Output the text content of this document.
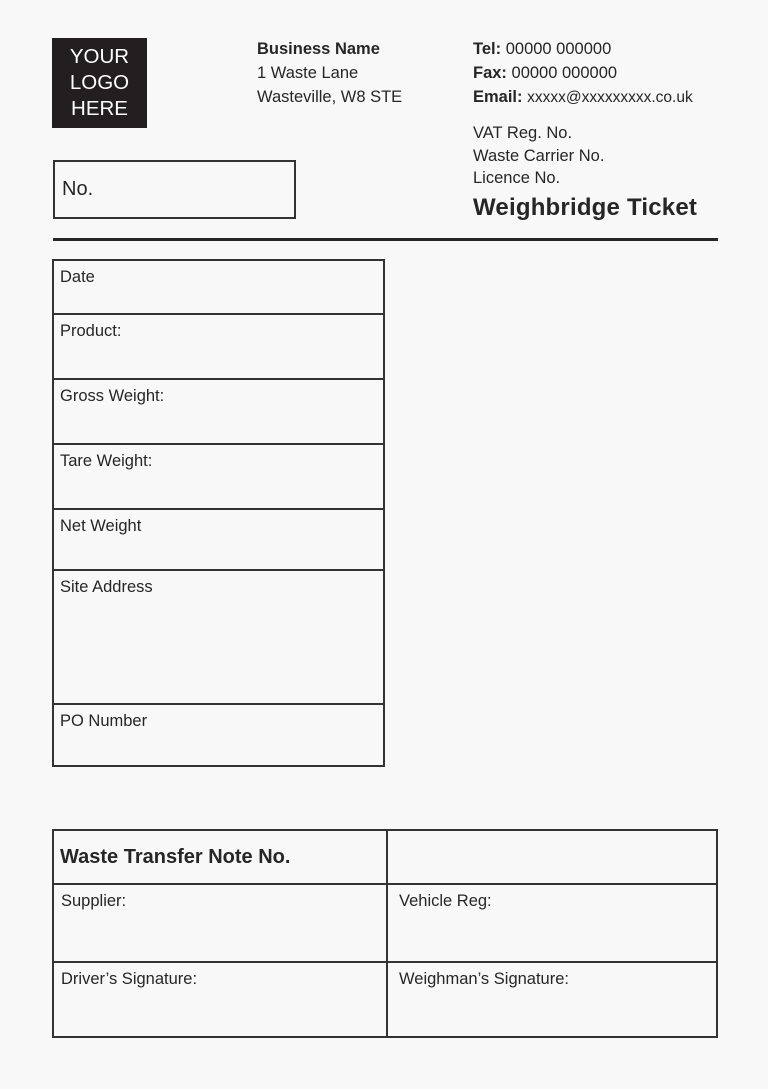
YOUR
LOGO
HERE
Business Name
1 Waste Lane
Wasteville, W8 STE
Tel: 00000 000000
Fax: 00000 000000
Email: xxxxx@xxxxxxxxx.co.uk
VAT Reg. No.
Waste Carrier No.
Licence No.
Weighbridge Ticket
No.
Date
Product:
Gross Weight:
Tare Weight:
Net Weight
Site Address
PO Number
Waste Transfer Note No.
Supplier:	Vehicle Reg:
Driver’s Signature:	Weighman’s Signature:
